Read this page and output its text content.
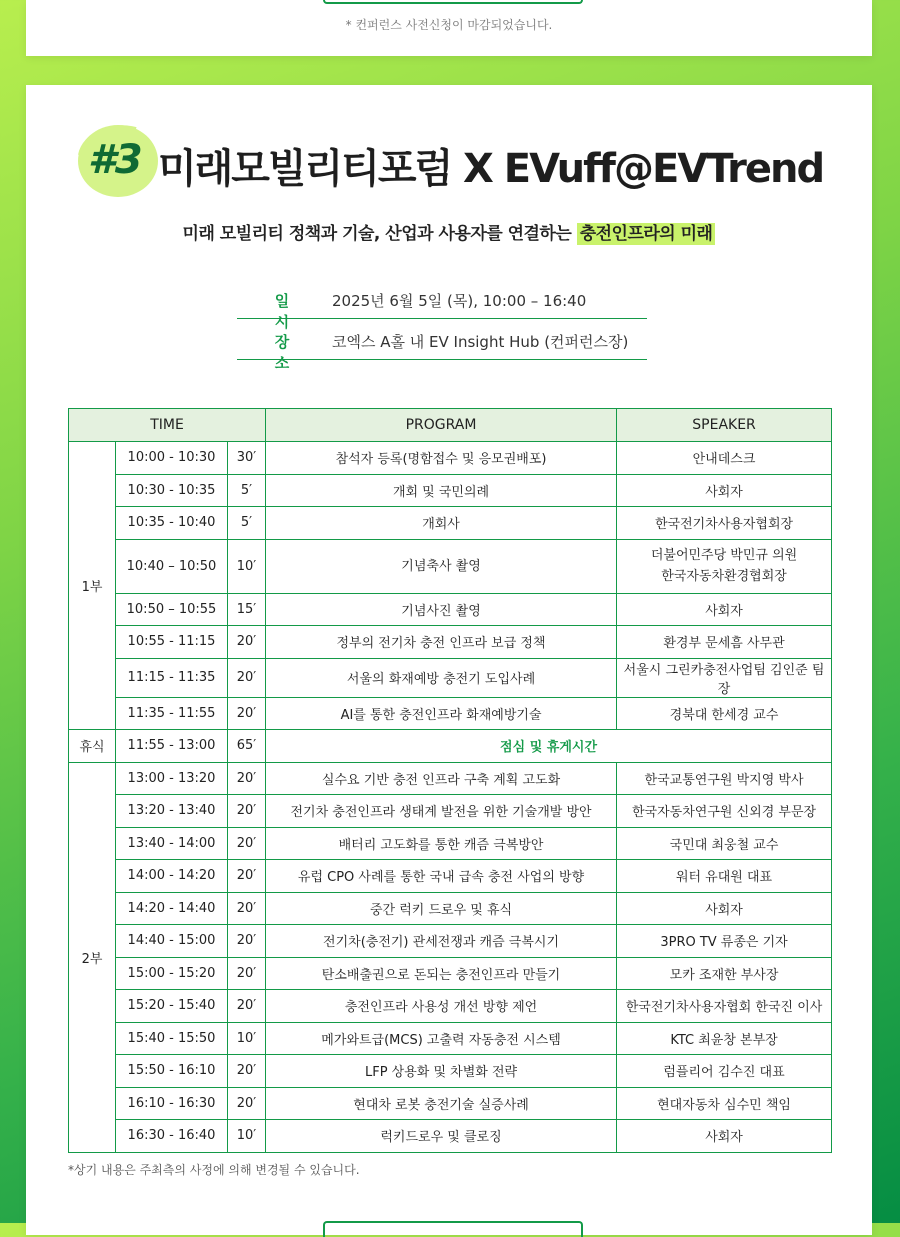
* 컨퍼런스 사전신청이 마감되었습니다.
#3 미래모빌리티포럼 X EVuff@EVTrend
미래 모빌리티 정책과 기술, 산업과 사용자를 연결하는 충전인프라의 미래
일 시
2025년 6월 5일 (목), 10:00 – 16:40
장 소
코엑스 A홀 내 EV Insight Hub (컨퍼런스장)
TIME			PROGRAM	SPEAKER
1부	10:00 - 10:30	30′	참석자 등록(명함접수 및 응모권배포)	안내데스크
	10:30 - 10:35	5′	개회 및 국민의례	사회자
	10:35 - 10:40	5′	개회사	한국전기차사용자협회장
	10:40 – 10:50	10′	기념축사 촬영	더불어민주당 박민규 의원
한국자동차환경협회장

	10:50 – 10:55	15′	기념사진 촬영	사회자
	10:55 - 11:15	20′	정부의 전기차 충전 인프라 보급 정책	환경부 문세흠 사무관
	11:15 - 11:35	20′	서울의 화재예방 충전기 도입사례	서울시 그린카충전사업팀 김인준 팀장
	11:35 - 11:55	20′	AI를 통한 충전인프라 화재예방기술	경북대 한세경 교수
휴식	11:55 - 13:00	65′	점심 및 휴게시간	
2부	13:00 - 13:20	20′	실수요 기반 충전 인프라 구축 계획 고도화	한국교통연구원 박지영 박사
	13:20 - 13:40	20′	전기차 충전인프라 생태계 발전을 위한 기술개발 방안	한국자동차연구원 신외경 부문장
	13:40 - 14:00	20′	배터리 고도화를 통한 캐즘 극복방안	국민대 최웅철 교수
	14:00 - 14:20	20′	유럽 CPO 사례를 통한 국내 급속 충전 사업의 방향	워터 유대원 대표
	14:20 - 14:40	20′	중간 럭키 드로우 및 휴식	사회자
	14:40 - 15:00	20′	전기차(충전기) 관세전쟁과 캐즘 극복시기	3PRO TV 류종은 기자
	15:00 - 15:20	20′	탄소배출권으로 돈되는 충전인프라 만들기	모카 조재한 부사장
	15:20 - 15:40	20′	충전인프라 사용성 개선 방향 제언	한국전기차사용자협회 한국진 이사
	15:40 - 15:50	10′	메가와트급(MCS) 고출력 자동충전 시스템	KTC 최윤창 본부장
	15:50 - 16:10	20′	LFP 상용화 및 차별화 전략	럼플리어 김수진 대표
	16:10 - 16:30	20′	현대차 로봇 충전기술 실증사례	현대자동차 심수민 책임
	16:30 - 16:40	10′	럭키드로우 및 클로징	사회자
*상기 내용은 주최측의 사정에 의해 변경될 수 있습니다.
